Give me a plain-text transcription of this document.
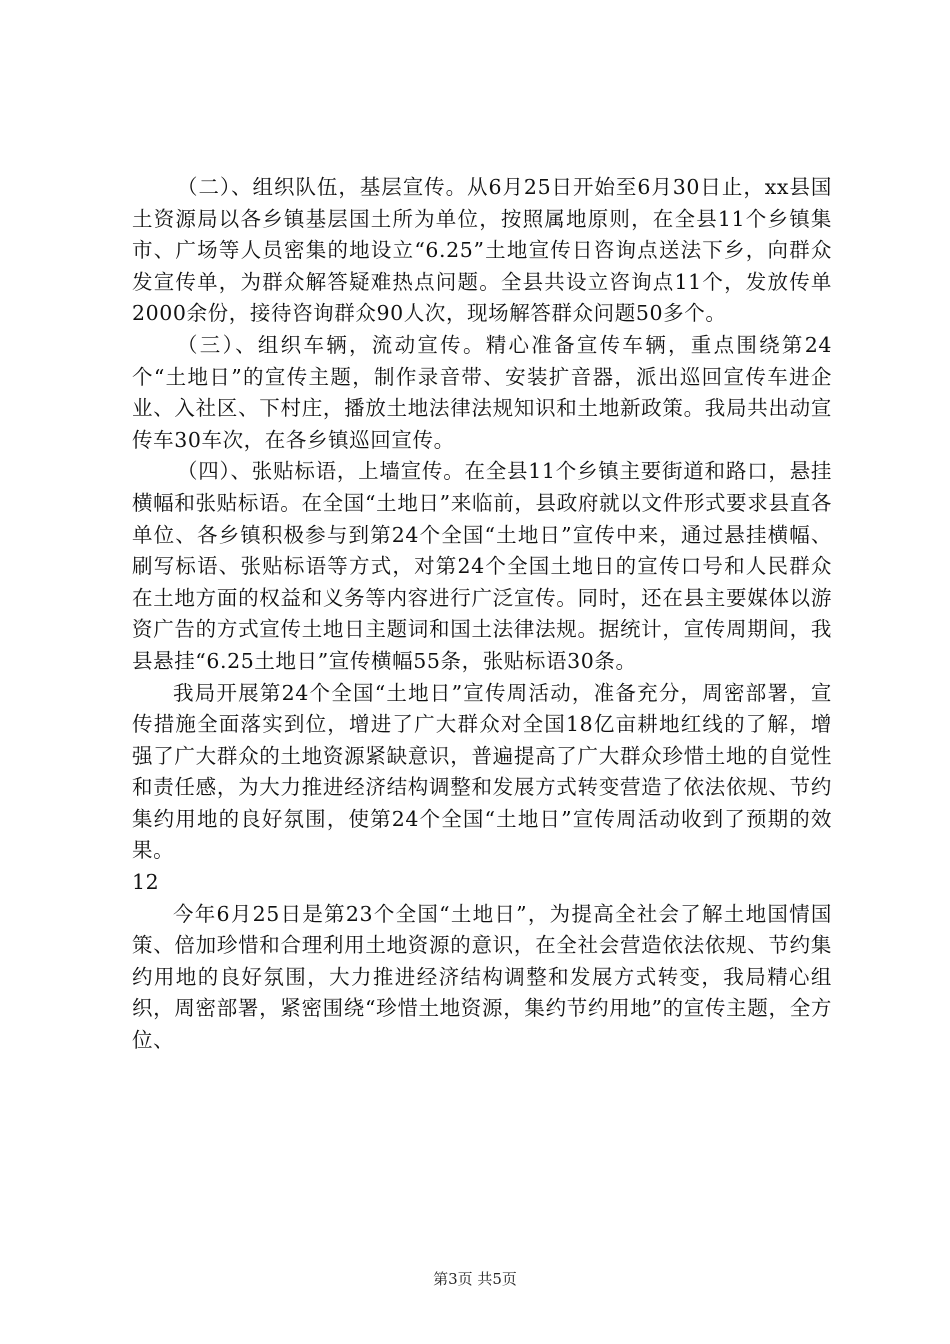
（二）、组织队伍，基层宣传。从6月25日开始至6月30日止，xx县国土资源局以各乡镇基层国土所为单位，按照属地原则，在全县11个乡镇集市、广场等人员密集的地设立“6.25”土地宣传日咨询点送法下乡，向群众发宣传单，为群众解答疑难热点问题。全县共设立咨询点11个，发放传单2000余份，接待咨询群众90人次，现场解答群众问题50多个。

（三）、组织车辆，流动宣传。精心准备宣传车辆，重点围绕第24个“土地日”的宣传主题，制作录音带、安装扩音器，派出巡回宣传车进企业、入社区、下村庄，播放土地法律法规知识和土地新政策。我局共出动宣传车30车次，在各乡镇巡回宣传。

（四）、张贴标语，上墙宣传。在全县11个乡镇主要街道和路口，悬挂横幅和张贴标语。在全国“土地日”来临前，县政府就以文件形式要求县直各单位、各乡镇积极参与到第24个全国“土地日”宣传中来，通过悬挂横幅、刷写标语、张贴标语等方式，对第24个全国土地日的宣传口号和人民群众在土地方面的权益和义务等内容进行广泛宣传。同时，还在县主要媒体以游资广告的方式宣传土地日主题词和国土法律法规。据统计，宣传周期间，我县悬挂“6.25土地日”宣传横幅55条，张贴标语30条。

我局开展第24个全国“土地日”宣传周活动，准备充分，周密部署，宣传措施全面落实到位，增进了广大群众对全国18亿亩耕地红线的了解，增强了广大群众的土地资源紧缺意识，普遍提高了广大群众珍惜土地的自觉性和责任感，为大力推进经济结构调整和发展方式转变营造了依法依规、节约集约用地的良好氛围，使第24个全国“土地日”宣传周活动收到了预期的效果。

12

今年6月25日是第23个全国“土地日”，为提高全社会了解土地国情国策、倍加珍惜和合理利用土地资源的意识，在全社会营造依法依规、节约集约用地的良好氛围，大力推进经济结构调整和发展方式转变，我局精心组织，周密部署，紧密围绕“珍惜土地资源，集约节约用地”的宣传主题，全方位、

第3页 共5页
